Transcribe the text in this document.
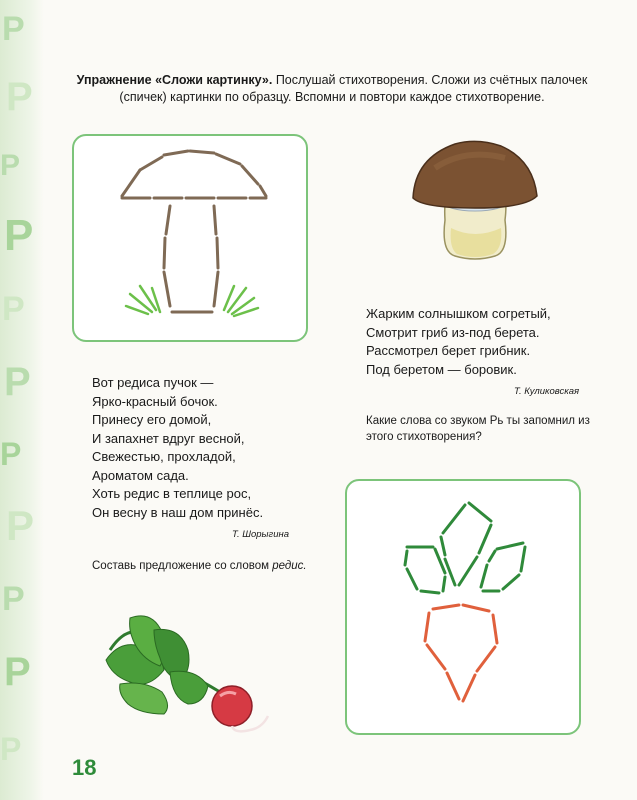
Р
Р
Р
Р
Р
Р
Р
Р
Р
Р
Р
Упражнение «Сложи картинку». Послушай стихотворения. Сложи из счётных палочек (спичек) картинки по образцу. Вспомни и повтори каждое стихотворение.
Жарким солнышком согретый,
Смотрит гриб из-под берета.
Рассмотрел берет грибник.
Под беретом — боровик.
Т. Куликовская
Какие слова со звуком Рь ты запомнил из этого стихотворения?
Вот редиса пучок —
Ярко-красный бочок.
Принесу его домой,
И запахнет вдруг весной,
Свежестью, прохладой,
Ароматом сада.
Хоть редис в теплице рос,
Он весну в наш дом принёс.
Т. Шорыгина
Составь предложение со словом редис.
18
